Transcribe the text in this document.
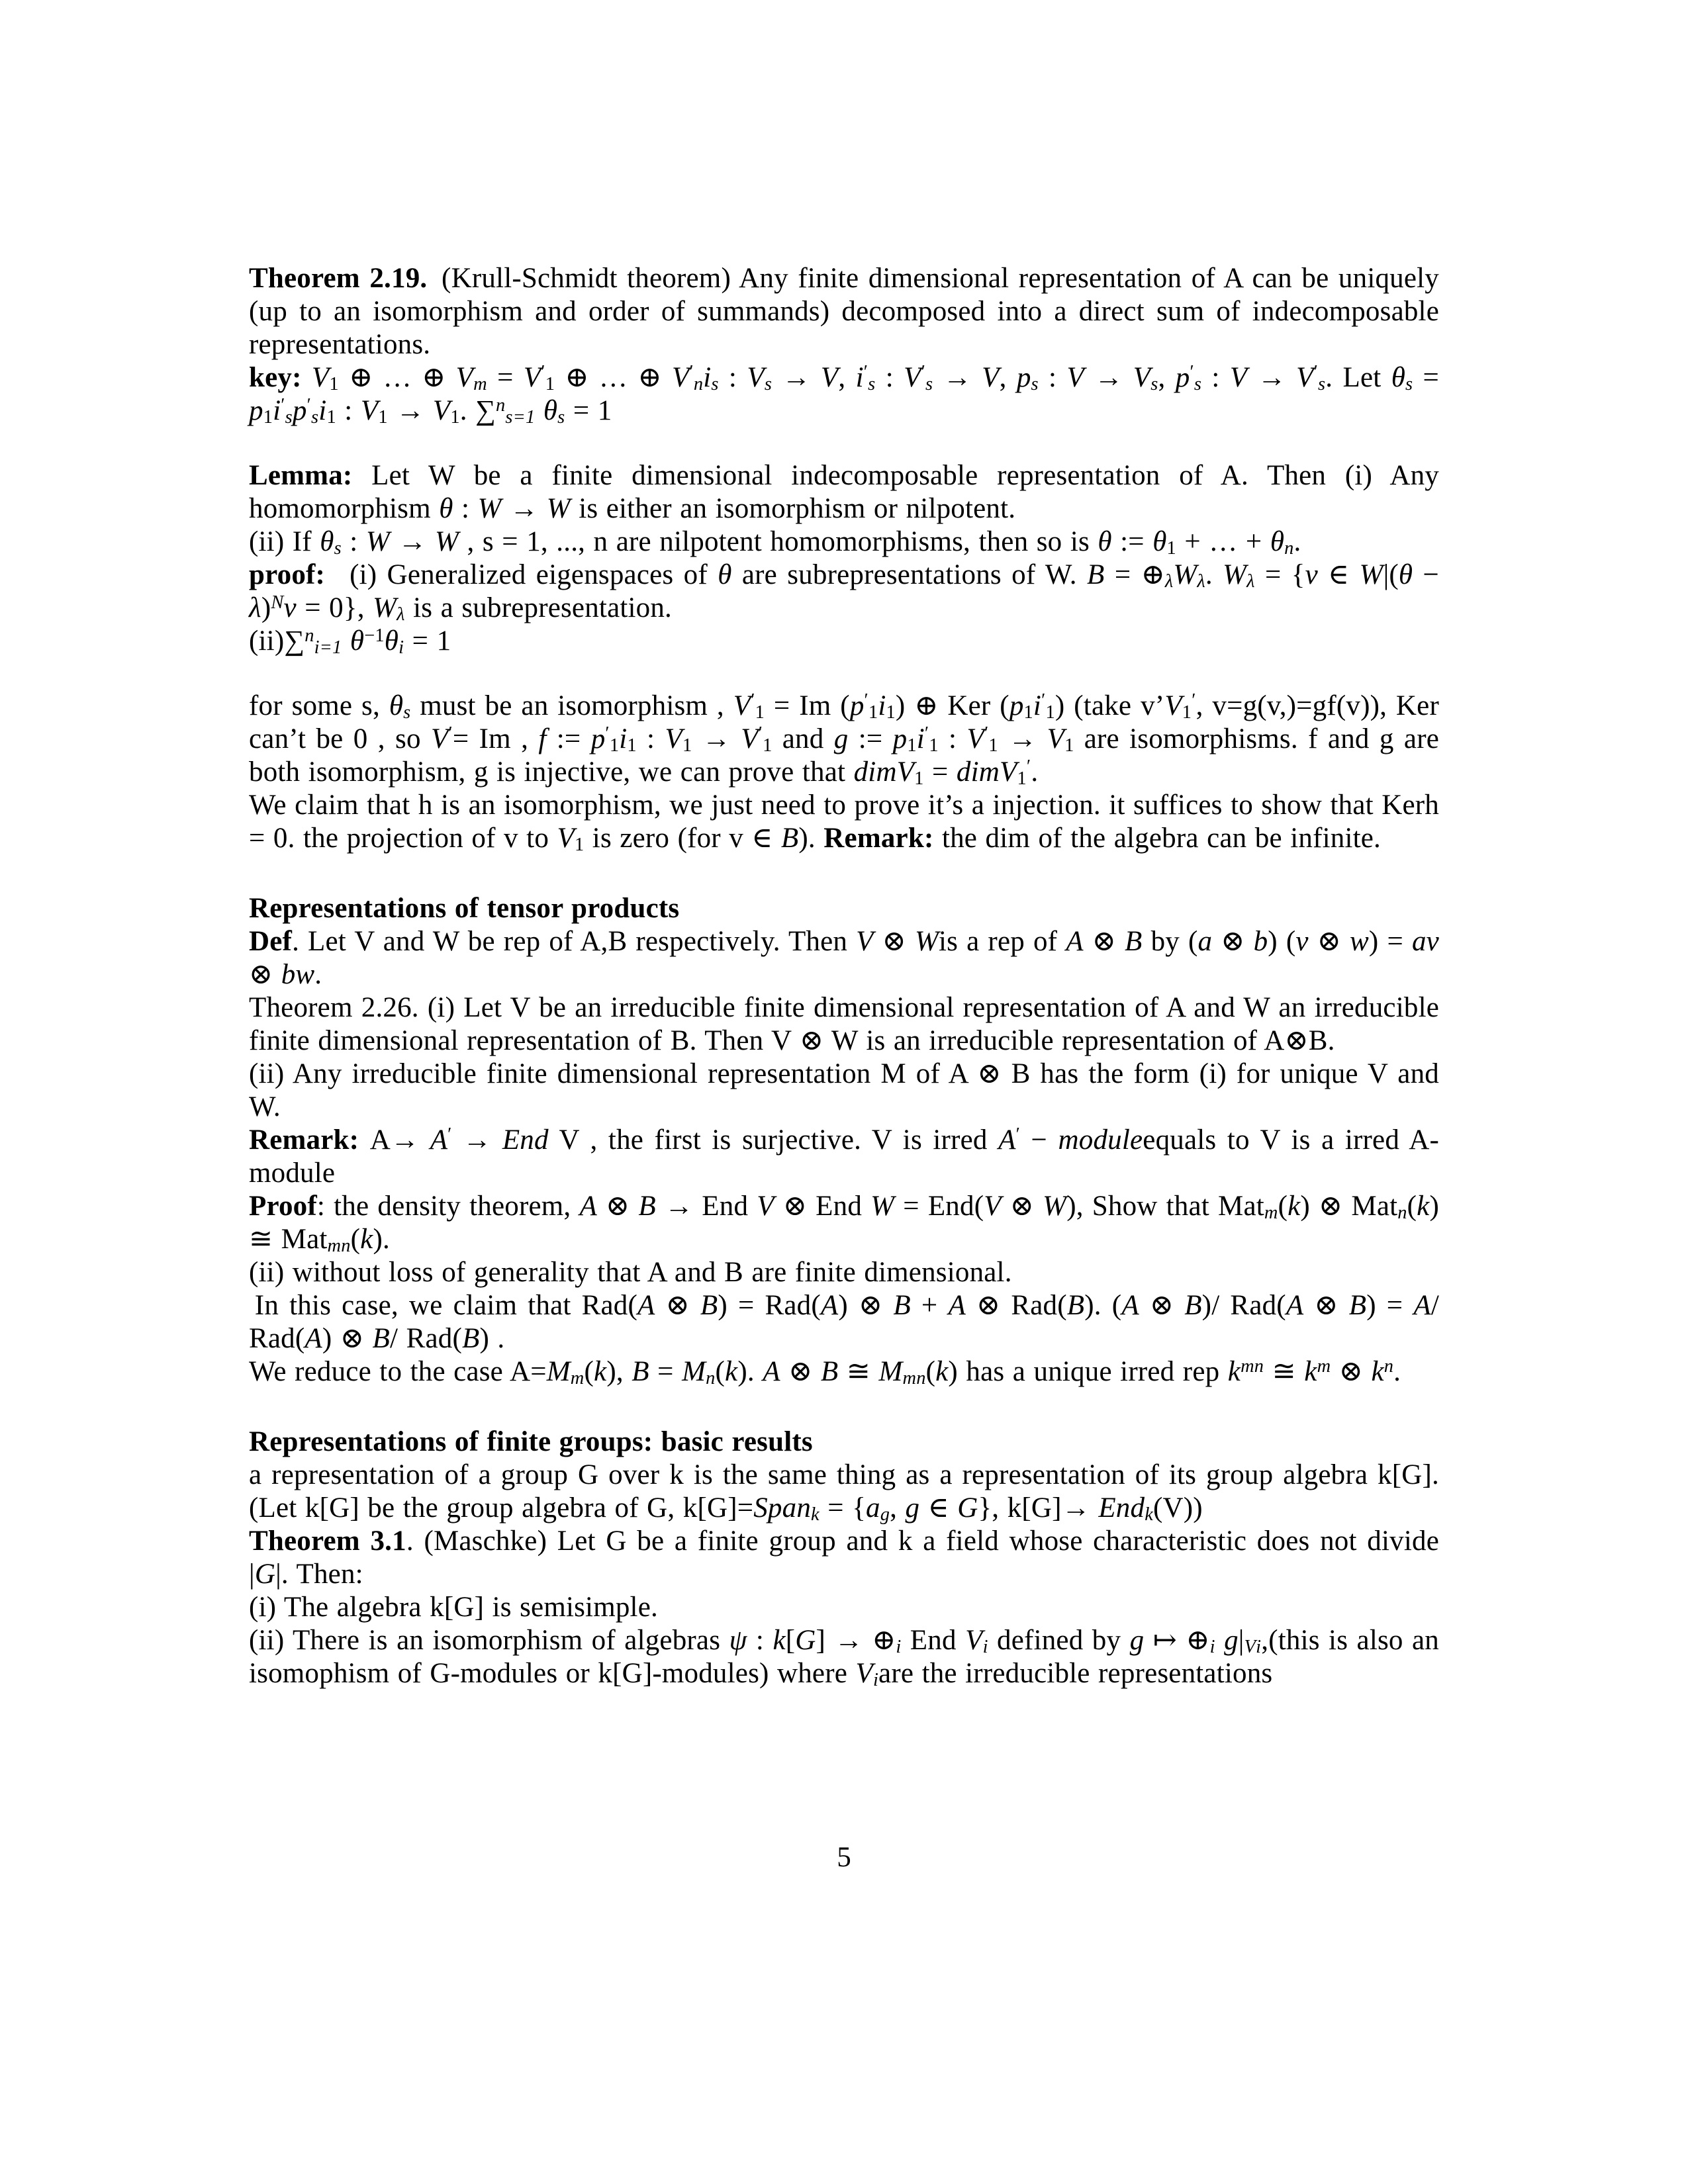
Theorem 2.19. (Krull-Schmidt theorem) Any finite dimensional representation of A can be uniquely (up to an isomorphism and order of summands) decomposed into a direct sum of indecomposable representations.

key: $V_1$ ⊕ … ⊕ $V_m = V'_1$ ⊕ … ⊕ $V'_ni_s$ : $V_s \to V$, $i'_s$ : $V'_s \to V$, $p_s$ : $V \to V_s$, $p'_s$ : $V \to V'_s$. Let $\theta_s = p_1i'_sp'_si_1$ : $V_1 \to V_1$. ∑$^n_{s=1}$ $\theta_s = 1$

Lemma: Let W be a finite dimensional indecomposable representation of A. Then (i) Any homomorphism θ : W → W is either an isomorphism or nilpotent.

(ii) If $\theta_s$ : W → W , s = 1, ..., n are nilpotent homomorphisms, then so is θ := $\theta_1$ + … + $\theta_n$.

proof:  (i) Generalized eigenspaces of θ are subrepresentations of W. $B = \oplus_\lambda W_\lambda$. $W_\lambda = \{v$ ∈ $W|(\theta - \lambda)^Nv = 0$}, $W_\lambda$ is a subrepresentation.

(ii)∑$^n_{i=1}$ $\theta^{-1}\theta_i = 1$

for some s, $\theta_s$ must be an isomorphism , $V'_1 = Im$ $(p'_1i_1)$ ⊕ Ker $(p_1i'_1)$ (take $v’V_1'$, v=g(v,)=gf(v)), Ker can’t be 0 , so V′= Im , f := $p'_1i_1$ : $V_1 \to V'_1$ and g := $p_1i'_1$ : $V'_1 \to V_1$ are isomorphisms. f and g are both isomorphism, g is injective, we can prove that dimV$_1$ = dimV$_1$′.

We claim that h is an isomorphism, we just need to prove it’s a injection. it suffices to show that Kerh = 0. the projection of v to $V_1$ is zero (for v ∈ B). Remark: the dim of the algebra can be infinite.

Representations of tensor products

Def. Let V and W be rep of A,B respectively. Then V ⊗ Wis a rep of A ⊗ B by (a ⊗ b) (v ⊗ w) = av ⊗ bw.

Theorem 2.26. (i) Let V be an irreducible finite dimensional representation of A and W an irreducible finite dimensional representation of B. Then V ⊗ W is an irreducible representation of A⊗B.

(ii) Any irreducible finite dimensional representation M of A ⊗ B has the form (i) for unique V and W.

Remark: A→ A′ → End V , the first is surjective. V is irred A′ − moduleequals to V is a irred A-module

Proof: the density theorem, A ⊗ B → End V ⊗ End W = End(V ⊗ W), Show that Mat$_m$(k) ⊗ Mat$_n$(k) ≅ Mat$_{mn}$(k).

(ii) without loss of generality that A and B are finite dimensional.

 In this case, we claim that Rad(A ⊗ B) = Rad(A) ⊗ B + A ⊗ Rad(B). (A ⊗ B)/ Rad(A ⊗ B) = A/ Rad(A) ⊗ B/ Rad(B) .

We reduce to the case $A=M_m(k)$, $B = M_n(k)$. A ⊗ B ≅ $M_{mn}(k)$ has a unique irred rep $k^{mn}$ ≅ $k^m$ ⊗ $k^n$.

Representations of finite groups: basic results

a representation of a group G over k is the same thing as a representation of its group algebra k[G].(Let k[G] be the group algebra of G, k[G]=Span$_k$ = {$a_g$, g ∈ G}, k[G]→ End$_k$(V))

Theorem 3.1. (Maschke) Let G be a finite group and k a field whose characteristic does not divide |G|. Then:

(i) The algebra k[G] is semisimple.

(ii) There is an isomorphism of algebras ψ : $k[G] \to \oplus_i$ End $V_i$ defined by g ↦ $\oplus_i$ $g|_{Vi},(this$ is also an isomophism of G-modules or k[G]-modules) where $V_iare$ the irreducible representations

5
